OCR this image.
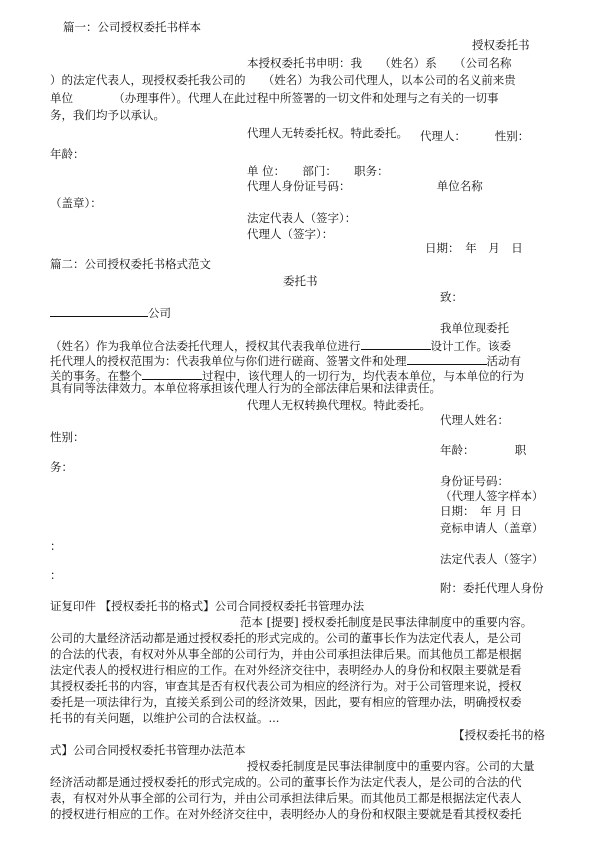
篇一：公司授权委托书样本
授权委托书
本授权委托书申明：我　　（姓名）系　　（公司名称
）的法定代表人，现授权委托我公司的　　（姓名）为我公司代理人，以本公司的名义前来贵
单位　　　　（办理事件）。代理人在此过程中所签署的一切文件和处理与之有关的一切事
务，我们均予以承认。
代理人无转委托权。特此委托。 代理人：　　　性别：
年龄：
单 位：　　部门：　　职务：
代理人身份证号码：　　　　　　　　单位名称
（盖章）：
法定代表人（签字）：
代理人（签字）：
日期：　年　月　日
篇二：公司授权委托书格式范文
委托书
致：
公司
我单位现委托
（姓名）作为我单位合法委托代理人，授权其代表我单位进行	设计工作。该委
托代理人的授权范围为：代表我单位与你们进行磋商、签署文件和处理	活动有
关的事务。在整个	过程中，该代理人的一切行为，均代表本单位，与本单位的行为
具有同等法律效力。本单位将承担该代理人行为的全部法律后果和法律责任。
代理人无权转换代理权。特此委托。
代理人姓名：
性别：
年龄：　　　　职
务：
身份证号码：
（代理人签字样本）
日期：　年 月 日
竞标申请人（盖章）
：
法定代表人（签字）
：
附：委托代理人身份
证复印件 【授权委托书的格式】公司合同授权委托书管理办法
范本 [提要] 授权委托制度是民事法律制度中的重要内容。
公司的大量经济活动都是通过授权委托的形式完成的。公司的董事长作为法定代表人，是公司
的合法的代表，有权对外从事全部的公司行为，并由公司承担法律后果。而其他员工都是根据
法定代表人的授权进行相应的工作。在对外经济交往中，表明经办人的身份和权限主要就是看
其授权委托书的内容，审查其是否有权代表公司为相应的经济行为。对于公司管理来说，授权
委托是一项法律行为，直接关系到公司的经济效果，因此，要有相应的管理办法，明确授权委
托书的有关问题，以维护公司的合法权益。...
【授权委托书的格
式】公司合同授权委托书管理办法范本
授权委托制度是民事法律制度中的重要内容。公司的大量
经济活动都是通过授权委托的形式完成的。公司的董事长作为法定代表人，是公司的合法的代
表，有权对外从事全部的公司行为，并由公司承担法律后果。而其他员工都是根据法定代表人
的授权进行相应的工作。在对外经济交往中，表明经办人的身份和权限主要就是看其授权委托
